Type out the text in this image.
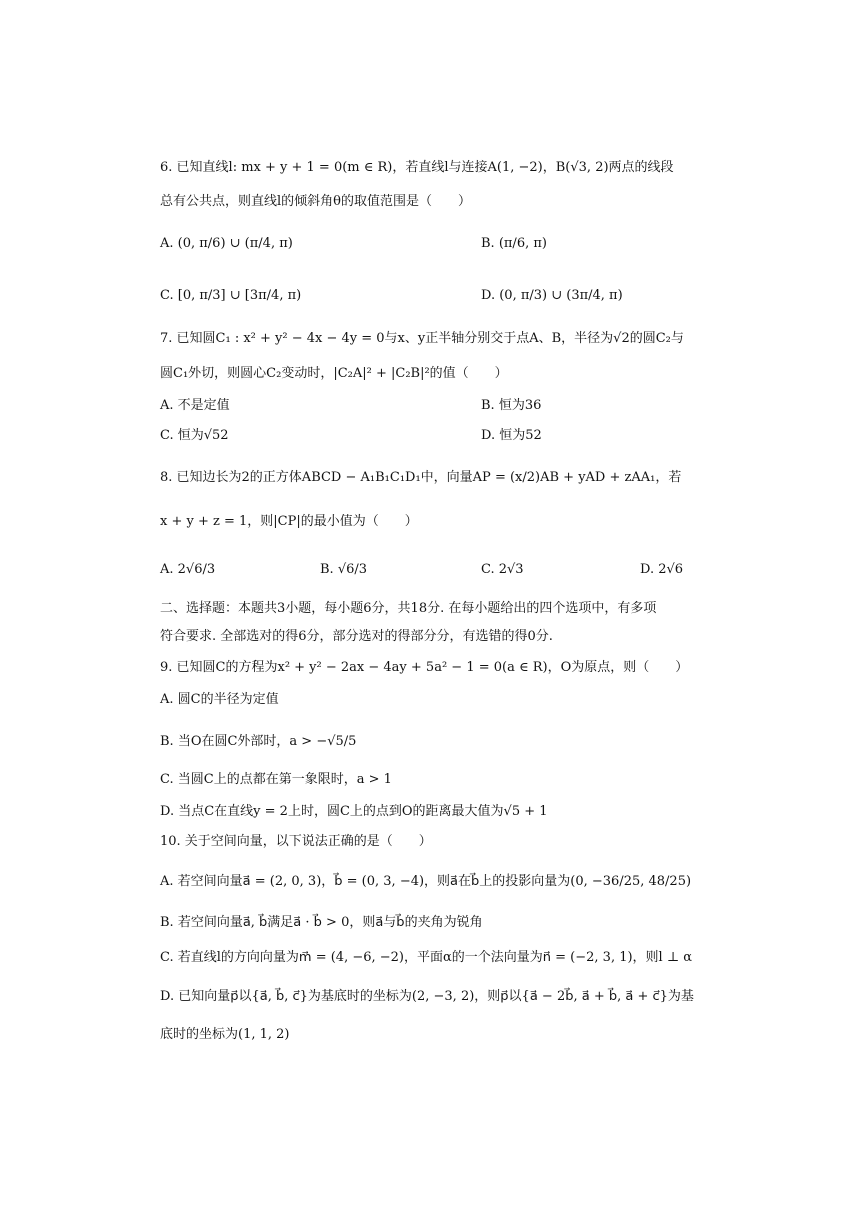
6. 已知直线l: mx + y + 1 = 0(m ∈ R)，若直线l与连接A(1, −2)，B(√3, 2)两点的线段
总有公共点，则直线l的倾斜角θ的取值范围是（　　）
A. (0, π/6) ∪ (π/4, π)	B. (π/6, π)
C. [0, π/3] ∪ [3π/4, π)	D. (0, π/3) ∪ (3π/4, π)
7. 已知圆C₁ : x² + y² − 4x − 4y = 0与x、y正半轴分别交于点A、B，半径为√2的圆C₂与
圆C₁外切，则圆心C₂变动时，|C₂A|² + |C₂B|²的值（　　）
A. 不是定值	B. 恒为36
C. 恒为√52	D. 恒为52
8. 已知边长为2的正方体ABCD − A₁B₁C₁D₁中，向量AP = (x/2)AB + yAD + zAA₁，若
x + y + z = 1，则|CP|的最小值为（　　）
A. 2√6/3	B. √6/3	C. 2√3	D. 2√6
二、选择题：本题共3小题，每小题6分，共18分. 在每小题给出的四个选项中，有多项
符合要求. 全部选对的得6分，部分选对的得部分分，有选错的得0分.
9. 已知圆C的方程为x² + y² − 2ax − 4ay + 5a² − 1 = 0(a ∈ R)，O为原点，则（　　）
A. 圆C的半径为定值
B. 当O在圆C外部时，a > −√5/5
C. 当圆C上的点都在第一象限时，a > 1
D. 当点C在直线y = 2上时，圆C上的点到O的距离最大值为√5 + 1
10. 关于空间向量，以下说法正确的是（　　）
A. 若空间向量a⃗ = (2, 0, 3)，b⃗ = (0, 3, −4)，则a⃗在b⃗上的投影向量为(0, −36/25, 48/25)
B. 若空间向量a⃗, b⃗满足a⃗ · b⃗ > 0，则a⃗与b⃗的夹角为锐角
C. 若直线l的方向向量为m⃗ = (4, −6, −2)，平面α的一个法向量为n⃗ = (−2, 3, 1)，则l ⊥ α
D. 已知向量p⃗以{a⃗, b⃗, c⃗}为基底时的坐标为(2, −3, 2)，则p⃗以{a⃗ − 2b⃗, a⃗ + b⃗, a⃗ + c⃗}为基
底时的坐标为(1, 1, 2)
